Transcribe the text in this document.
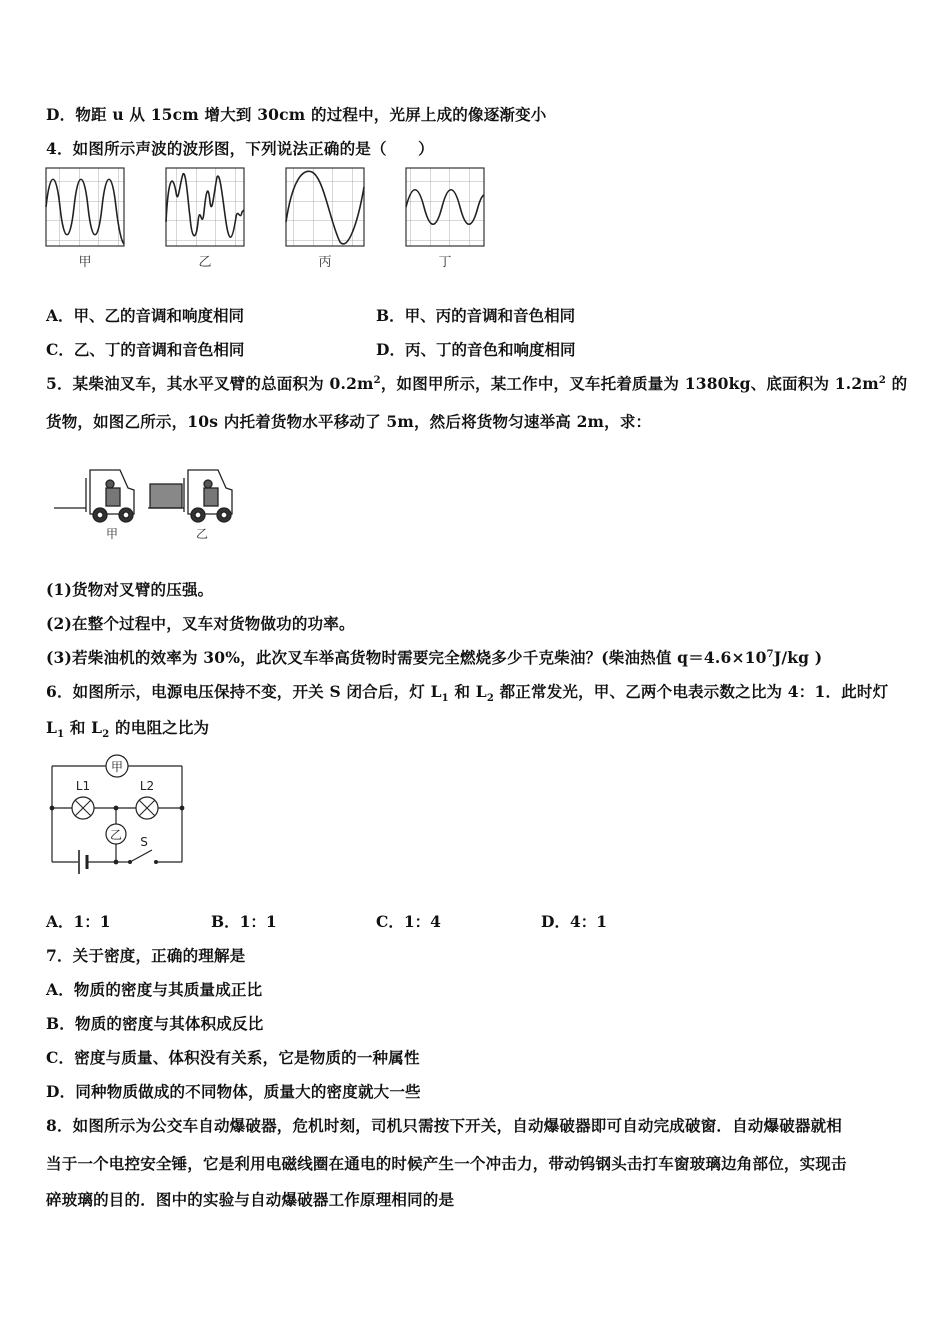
D．物距 u 从 15cm 增大到 30cm 的过程中，光屏上成的像逐渐变小
4．如图所示声波的波形图，下列说法正确的是（　　）
甲	乙	丙	丁
A．甲、乙的音调和响度相同	B．甲、丙的音调和音色相同
C．乙、丁的音调和音色相同	D．丙、丁的音色和响度相同
5．某柴油叉车，其水平叉臂的总面积为 $0.2m^2$，如图甲所示，某工作中，叉车托着质量为 1380kg、底面积为 $1.2m^2$ 的
货物，如图乙所示，10s 内托着货物水平移动了 5m，然后将货物匀速举高 2m，求：
甲	乙
(1)货物对叉臂的压强。
(2)在整个过程中，叉车对货物做功的功率。
(3)若柴油机的效率为 30%，此次叉车举高货物时需要完全燃烧多少千克柴油？(柴油热值 $q=4.6\times 10^7J/kg$ )
6．如图所示，电源电压保持不变，开关 S 闭合后，灯 $L_1$ 和 $L_2$ 都正常发光，甲、乙两个电表示数之比为 4：1．此时灯
$L_1$ 和 $L_2$ 的电阻之比为
甲
L1	L2
乙 S
A．1：1	B．1：1	C．1：4	D．4：1
7．关于密度，正确的理解是
A．物质的密度与其质量成正比
B．物质的密度与其体积成反比
C．密度与质量、体积没有关系，它是物质的一种属性
D．同种物质做成的不同物体，质量大的密度就大一些
8．如图所示为公交车自动爆破器，危机时刻，司机只需按下开关，自动爆破器即可自动完成破窗．自动爆破器就相
当于一个电控安全锤，它是利用电磁线圈在通电的时候产生一个冲击力，带动钨钢头击打车窗玻璃边角部位，实现击
碎玻璃的目的．图中的实验与自动爆破器工作原理相同的是
